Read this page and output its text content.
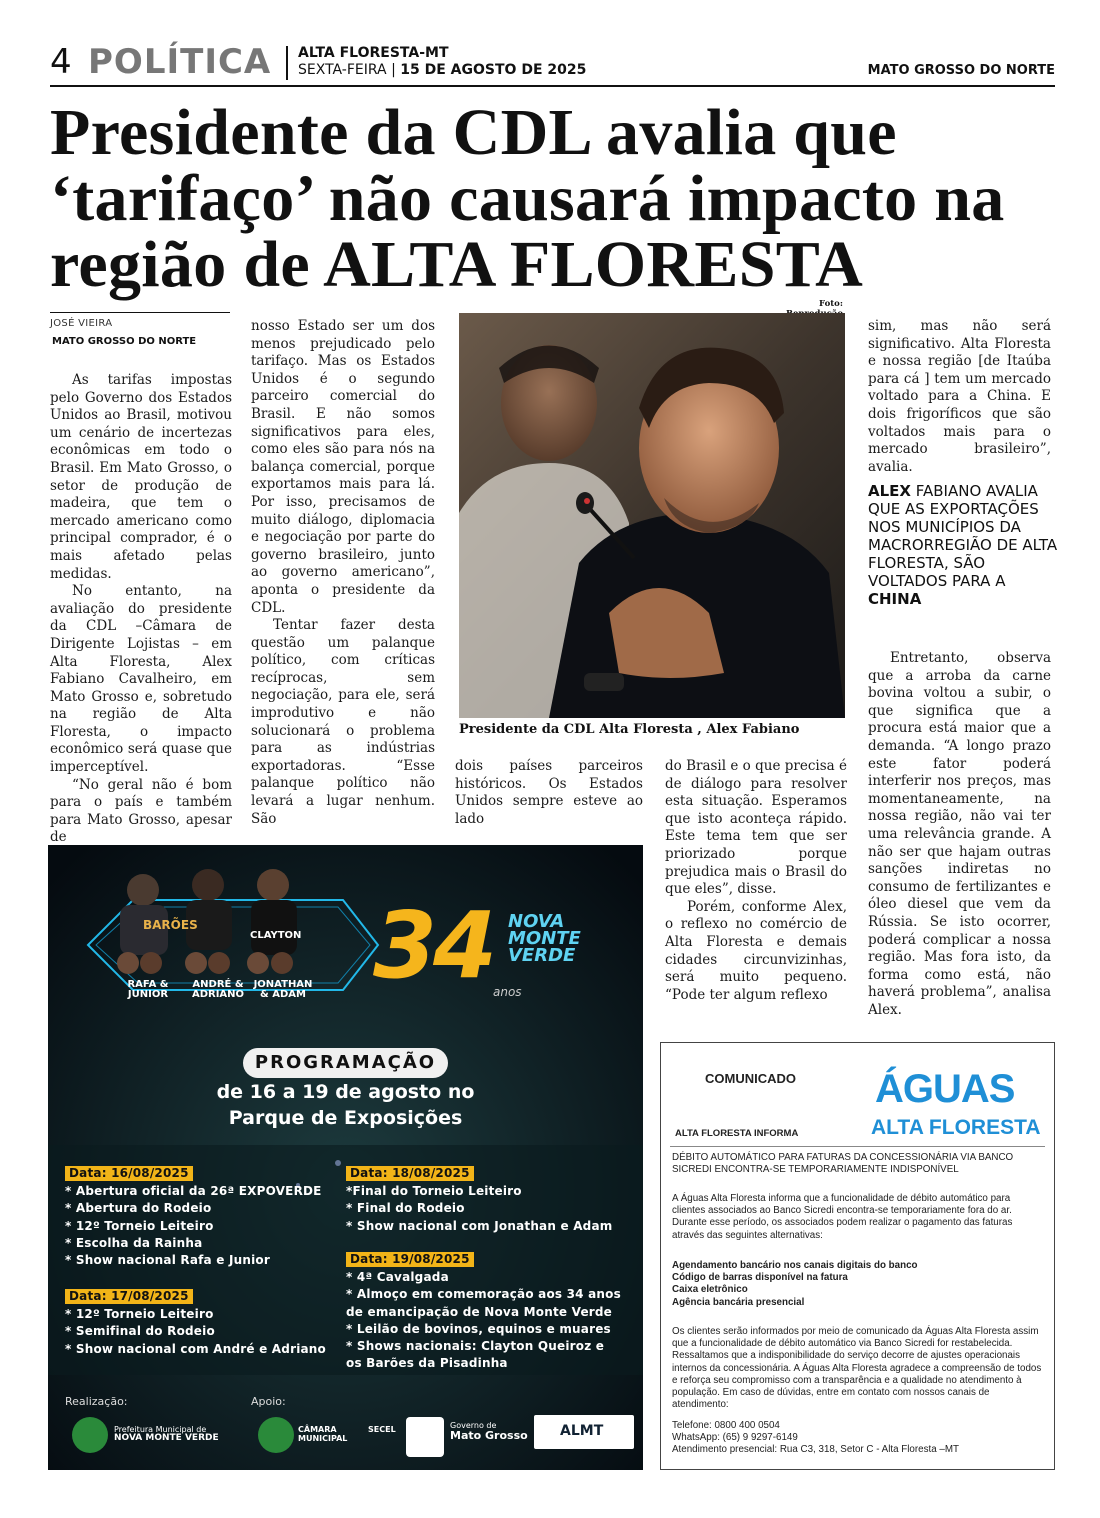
4 POLÍTICA ALTA FLORESTA-MT
SEXTA-FEIRA | 15 DE AGOSTO DE 2025	MATO GROSSO DO NORTE
Presidente da CDL avalia que
‘tarifaço’ não causará impacto na
região de ALTA FLORESTA
JOSÉ VIEIRA
MATO GROSSO DO NORTE

As tarifas impostas pelo Governo dos Estados Unidos ao Brasil, motivou um cenário de incertezas econômicas em todo o Brasil. Em Mato Grosso, o setor de produção de madeira, que tem o mercado americano como principal comprador, é o mais afetado pelas medidas.

No entanto, na avaliação do presidente da CDL –Câmara de Dirigente Lojistas – em Alta Floresta, Alex Fabiano Cavalheiro, em Mato Grosso e, sobretudo na região de Alta Floresta, o impacto econômico será quase que imperceptível.

“No geral não é bom para o país e também para Mato Grosso, apesar de

nosso Estado ser um dos menos prejudicado pelo tarifaço. Mas os Estados Unidos é o segundo parceiro comercial do Brasil. E não somos significativos para eles, como eles são para nós na balança comercial, porque exportamos mais para lá. Por isso, precisamos de muito diálogo, diplomacia e negociação por parte do governo brasileiro, junto ao governo americano”, aponta o presidente da CDL.

Tentar fazer desta questão um palanque político, com críticas recíprocas, sem negociação, para ele, será improdutivo e não solucionará o problema para as indústrias exportadoras. “Esse palanque político não levará a lugar nenhum. São

dois países parceiros históricos. Os Estados Unidos sempre esteve ao lado

do Brasil e o que precisa é de diálogo para resolver esta situação. Esperamos que isto aconteça rápido. Este tema tem que ser priorizado porque prejudica mais o Brasil do que eles”, disse.

Porém, conforme Alex, o reflexo no comércio de Alta Floresta e demais cidades circunvizinhas, será muito pequeno. “Pode ter algum reflexo

sim, mas não será significativo. Alta Floresta e nossa região [de Itaúba para cá ] tem um mercado voltado para a China. E dois frigoríficos que são voltados mais para o mercado brasileiro”, avalia.

ALEX FABIANO AVALIA QUE AS EXPORTAÇÕES NOS MUNICÍPIOS DA MACRORREGIÃO DE ALTA FLORESTA, SÃO VOLTADOS PARA A CHINA

Entretanto, observa que a arroba da carne bovina voltou a subir, o que significa que a procura está maior que a demanda. “A longo prazo este fator poderá interferir nos preços, mas momentaneamente, na nossa região, não vai ter uma relevância grande. A não ser que hajam outras sanções indiretas no consumo de fertilizantes e óleo diesel que vem da Rússia. Se isto ocorrer, poderá complicar a nossa região. Mas fora isto, da forma como está, não haverá problema”, analisa Alex.

Foto:
Presidente da CDL Alta Floresta , Alex Fabiano
34 NOVA
MONTE
VERDE
anos
BARÕES
CLAYTON
RAFA & JUNIOR
ANDRÉ & ADRIANO
JONATHAN & ADAM
PROGRAMAÇÃO
de 16 a 19 de agosto no
Parque de Exposições
Data: 16/08/2025
* Abertura oficial da 26ª EXPOVERDE
* Abertura do Rodeio
* 12º Torneio Leiteiro
* Escolha da Rainha
* Show nacional Rafa e Junior
Data: 17/08/2025
* 12º Torneio Leiteiro
* Semifinal do Rodeio
* Show nacional com André e Adriano
Data: 18/08/2025
*Final do Torneio Leiteiro
* Final do Rodeio
* Show nacional com Jonathan e Adam
Data: 19/08/2025
* 4ª Cavalgada
* Almoço em comemoração aos 34 anos
de emancipação de Nova Monte Verde
* Leilão de bovinos, equinos e muares
* Shows nacionais: Clayton Queiroz e
os Barões da Pisadinha
Realização:	Apoio:
Prefeitura Municipal de
NOVA MONTE VERDE
CÂMARA MUNICIPAL
SECEL	Governo de
Mato Grosso ALMT
COMUNICADO ÁGUAS
ALTA FLORESTA
ALTA FLORESTA INFORMA
DÉBITO AUTOMÁTICO PARA FATURAS DA CONCESSIONÁRIA VIA BANCO SICREDI ENCONTRA-SE TEMPORARIAMENTE INDISPONÍVEL
A Águas Alta Floresta informa que a funcionalidade de débito automático para clientes associados ao Banco Sicredi encontra-se temporariamente fora do ar. Durante esse período, os associados podem realizar o pagamento das faturas através das seguintes alternativas:
Agendamento bancário nos canais digitais do banco
Código de barras disponível na fatura
Caixa eletrônico
Agência bancária presencial
Os clientes serão informados por meio de comunicado da Águas Alta Floresta assim que a funcionalidade de débito automático via Banco Sicredi for restabelecida. Ressaltamos que a indisponibilidade do serviço decorre de ajustes operacionais internos da concessionária. A Águas Alta Floresta agradece a compreensão de todos e reforça seu compromisso com a transparência e a qualidade no atendimento à população. Em caso de dúvidas, entre em contato com nossos canais de atendimento:
Telefone: 0800 400 0504
WhatsApp: (65) 9 9297-6149
Atendimento presencial: Rua C3, 318, Setor C - Alta Floresta –MT
